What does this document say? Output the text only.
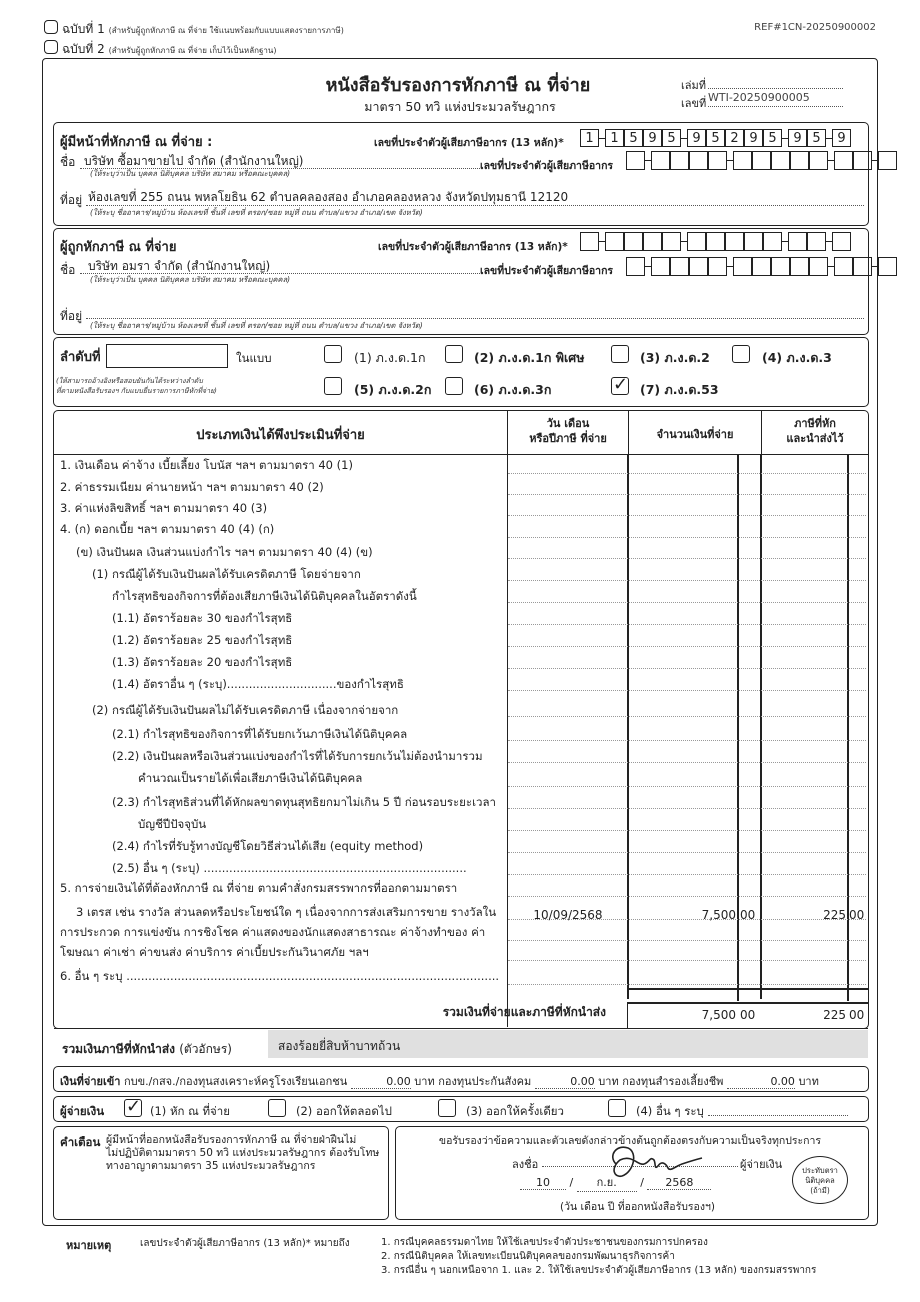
ฉบับที่ 1 (สำหรับผู้ถูกหักภาษี ณ ที่จ่าย ใช้แนบพร้อมกับแบบแสดงรายการภาษี)
ฉบับที่ 2 (สำหรับผู้ถูกหักภาษี ณ ที่จ่าย เก็บไว้เป็นหลักฐาน)
REF#1CN-20250900002
หนังสือรับรองการหักภาษี ณ ที่จ่าย
มาตรา 50 ทวิ แห่งประมวลรัษฎากร
เล่มที่
เลขที่ WTI-20250900005
ผู้มีหน้าที่หักภาษี ณ ที่จ่าย :	เลขที่ประจำตัวผู้เสียภาษีอากร (13 หลัก)*	1	1 5 9 5	9 5 2 9 5	9 5	9
ชื่อ บริษัท ซื้อมาขายไป จำกัด (สำนักงานใหญ่)
(ให้ระบุว่าเป็น บุคคล นิติบุคคล บริษัท สมาคม หรือคณะบุคคล)
เลขที่ประจำตัวผู้เสียภาษีอากร
ที่อยู่ ห้องเลขที่ 255 ถนน พหลโยธิน 62 ตำบลคลองสอง อำเภอคลองหลวง จังหวัดปทุมธานี 12120
(ให้ระบุ ชื่ออาคาร/หมู่บ้าน ห้องเลขที่ ชั้นที่ เลขที่ ตรอก/ซอย หมู่ที่ ถนน ตำบล/แขวง อำเภอ/เขต จังหวัด)
ผู้ถูกหักภาษี ณ ที่จ่าย	เลขที่ประจำตัวผู้เสียภาษีอากร (13 หลัก)*
ชื่อ บริษัท อมรา จำกัด (สำนักงานใหญ่)
(ให้ระบุว่าเป็น บุคคล นิติบุคคล บริษัท สมาคม หรือคณะบุคคล)
เลขที่ประจำตัวผู้เสียภาษีอากร
ที่อยู่
(ให้ระบุ ชื่ออาคาร/หมู่บ้าน ห้องเลขที่ ชั้นที่ เลขที่ ตรอก/ซอย หมู่ที่ ถนน ตำบล/แขวง อำเภอ/เขต จังหวัด)
ลำดับที่	ในแบบ
(ให้สามารถอ้างอิงหรือสอบยันกันได้ระหว่างลำดับ
ที่ตามหนังสือรับรองฯ กับแบบยื่นรายการภาษีหักที่จ่าย)
(1) ภ.ง.ด.1ก	(2) ภ.ง.ด.1ก พิเศษ	(3) ภ.ง.ด.2	(4) ภ.ง.ด.3
(5) ภ.ง.ด.2ก	(6) ภ.ง.ด.3ก ✓	(7) ภ.ง.ด.53
ประเภทเงินได้พึงประเมินที่จ่าย
วัน เดือน
หรือปีภาษี ที่จ่าย	จำนวนเงินที่จ่าย
ภาษีที่หัก
และนำส่งไว้
1. เงินเดือน ค่าจ้าง เบี้ยเลี้ยง โบนัส ฯลฯ ตามมาตรา 40 (1)
2. ค่าธรรมเนียม ค่านายหน้า ฯลฯ ตามมาตรา 40 (2)
3. ค่าแห่งลิขสิทธิ์ ฯลฯ ตามมาตรา 40 (3)
4. (ก) ดอกเบี้ย ฯลฯ ตามมาตรา 40 (4) (ก)
(ข) เงินปันผล เงินส่วนแบ่งกำไร ฯลฯ ตามมาตรา 40 (4) (ข)
(1) กรณีผู้ได้รับเงินปันผลได้รับเครดิตภาษี โดยจ่ายจาก
กำไรสุทธิของกิจการที่ต้องเสียภาษีเงินได้นิติบุคคลในอัตราดังนี้
(1.1) อัตราร้อยละ 30 ของกำไรสุทธิ
(1.2) อัตราร้อยละ 25 ของกำไรสุทธิ
(1.3) อัตราร้อยละ 20 ของกำไรสุทธิ
(1.4) อัตราอื่น ๆ (ระบุ)..............................ของกำไรสุทธิ
(2) กรณีผู้ได้รับเงินปันผลไม่ได้รับเครดิตภาษี เนื่องจากจ่ายจาก
(2.1) กำไรสุทธิของกิจการที่ได้รับยกเว้นภาษีเงินได้นิติบุคคล
(2.2) เงินปันผลหรือเงินส่วนแบ่งของกำไรที่ได้รับการยกเว้นไม่ต้องนำมารวม
คำนวณเป็นรายได้เพื่อเสียภาษีเงินได้นิติบุคคล
(2.3) กำไรสุทธิส่วนที่ได้หักผลขาดทุนสุทธิยกมาไม่เกิน 5 ปี ก่อนรอบระยะเวลา
บัญชีปีปัจจุบัน
(2.4) กำไรที่รับรู้ทางบัญชีโดยวิธีส่วนได้เสีย (equity method)
(2.5) อื่น ๆ (ระบุ) ........................................................................
5. การจ่ายเงินได้ที่ต้องหักภาษี ณ ที่จ่าย ตามคำสั่งกรมสรรพากรที่ออกตามมาตรา
3 เตรส เช่น รางวัล ส่วนลดหรือประโยชน์ใด ๆ เนื่องจากการส่งเสริมการขาย รางวัลใน
การประกวด การแข่งขัน การชิงโชค ค่าแสดงของนักแสดงสาธารณะ ค่าจ้างทำของ ค่า
โฆษณา ค่าเช่า ค่าขนส่ง ค่าบริการ ค่าเบี้ยประกันวินาศภัย ฯลฯ
6. อื่น ๆ ระบุ ......................................................................................................
10/09/2568	7,500 00	225 00
รวมเงินที่จ่ายและภาษีที่หักนำส่ง	7,500 00	225 00
รวมเงินภาษีที่หักนำส่ง (ตัวอักษร)	สองร้อยยี่สิบห้าบาทถ้วน
เงินที่จ่ายเข้า กบข./กสจ./กองทุนสงเคราะห์ครูโรงเรียนเอกชน	0.00 บาท กองทุนประกันสังคม	0.00 บาท กองทุนสำรองเลี้ยงชีพ	0.00 บาท
ผู้จ่ายเงิน ✓	(1) หัก ณ ที่จ่าย	(2) ออกให้ตลอดไป	(3) ออกให้ครั้งเดียว	(4) อื่น ๆ ระบุ
คำเตือน ผู้มีหน้าที่ออกหนังสือรับรองการหักภาษี ณ ที่จ่ายฝ่าฝืนไม่
ไม่ปฏิบัติตามมาตรา 50 ทวิ แห่งประมวลรัษฎากร ต้องรับโทษ
ทางอาญาตามมาตรา 35 แห่งประมวลรัษฎากร
ขอรับรองว่าข้อความและตัวเลขดังกล่าวข้างต้นถูกต้องตรงกับความเป็นจริงทุกประการ
ลงชื่อ	ผู้จ่ายเงิน
10 / ก.ย. / 2568
(วัน เดือน ปี ที่ออกหนังสือรับรองฯ)
ประทับตรา
นิติบุคคล
(ถ้ามี)
หมายเหตุ	เลขประจำตัวผู้เสียภาษีอากร (13 หลัก)* หมายถึง	1. กรณีบุคคลธรรมดาไทย ให้ใช้เลขประจำตัวประชาชนของกรมการปกครอง
2. กรณีนิติบุคคล ให้เลขทะเบียนนิติบุคคลของกรมพัฒนาธุรกิจการค้า
3. กรณีอื่น ๆ นอกเหนือจาก 1. และ 2. ให้ใช้เลขประจำตัวผู้เสียภาษีอากร (13 หลัก) ของกรมสรรพากร
